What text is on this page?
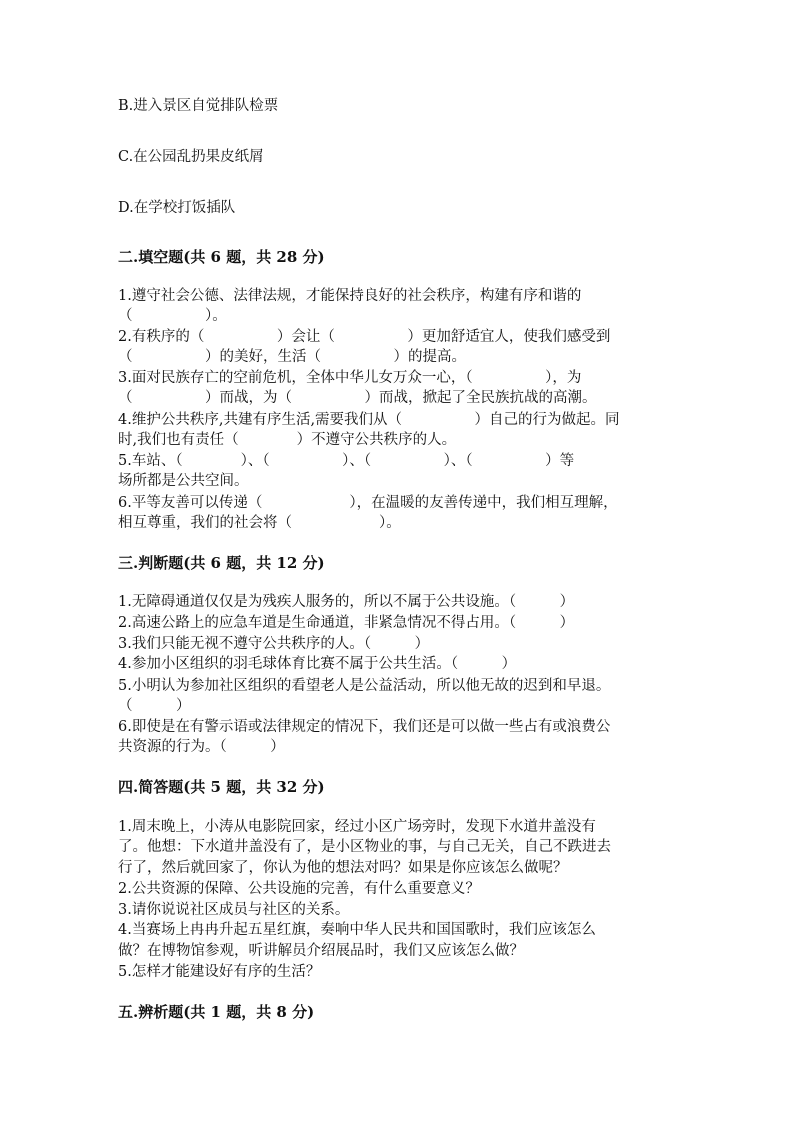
B.进入景区自觉排队检票
C.在公园乱扔果皮纸屑
D.在学校打饭插队
二.填空题(共 6 题，共 28 分)
1.遵守社会公德、法律法规，才能保持良好的社会秩序，构建有序和谐的
（　　　　　）。
2.有秩序的（　　　　　）会让（　　　　　）更加舒适宜人，使我们感受到
（　　　　　）的美好，生活（　　　　　）的提高。
3.面对民族存亡的空前危机，全体中华儿女万众一心，（　　　　　），为
（　　　　　）而战，为（　　　　　）而战，掀起了全民族抗战的高潮。
4.维护公共秩序,共建有序生活,需要我们从（　　　　　）自己的行为做起。同
时,我们也有责任（　　　　）不遵守公共秩序的人。
5.车站、（　　　　）、（　　　　　）、（　　　　　）、（　　　　　）等
场所都是公共空间。
6.平等友善可以传递（　　　　　　），在温暖的友善传递中，我们相互理解，
相互尊重，我们的社会将（　　　　　　）。
三.判断题(共 6 题，共 12 分)
1.无障碍通道仅仅是为残疾人服务的，所以不属于公共设施。（　　　）
2.高速公路上的应急车道是生命通道，非紧急情况不得占用。（　　　）
3.我们只能无视不遵守公共秩序的人。（　　　）
4.参加小区组织的羽毛球体育比赛不属于公共生活。（　　　）
5.小明认为参加社区组织的看望老人是公益活动，所以他无故的迟到和早退。
（　　　）
6.即使是在有警示语或法律规定的情况下，我们还是可以做一些占有或浪费公
共资源的行为。（　　　）
四.简答题(共 5 题，共 32 分)
1.周末晚上，小涛从电影院回家，经过小区广场旁时，发现下水道井盖没有
了。他想：下水道井盖没有了，是小区物业的事，与自己无关，自己不跌进去
行了，然后就回家了，你认为他的想法对吗？如果是你应该怎么做呢？
2.公共资源的保障、公共设施的完善，有什么重要意义？
3.请你说说社区成员与社区的关系。
4.当赛场上冉冉升起五星红旗，奏响中华人民共和国国歌时，我们应该怎么
做？在博物馆参观，听讲解员介绍展品时，我们又应该怎么做？
5.怎样才能建设好有序的生活？
五.辨析题(共 1 题，共 8 分)
